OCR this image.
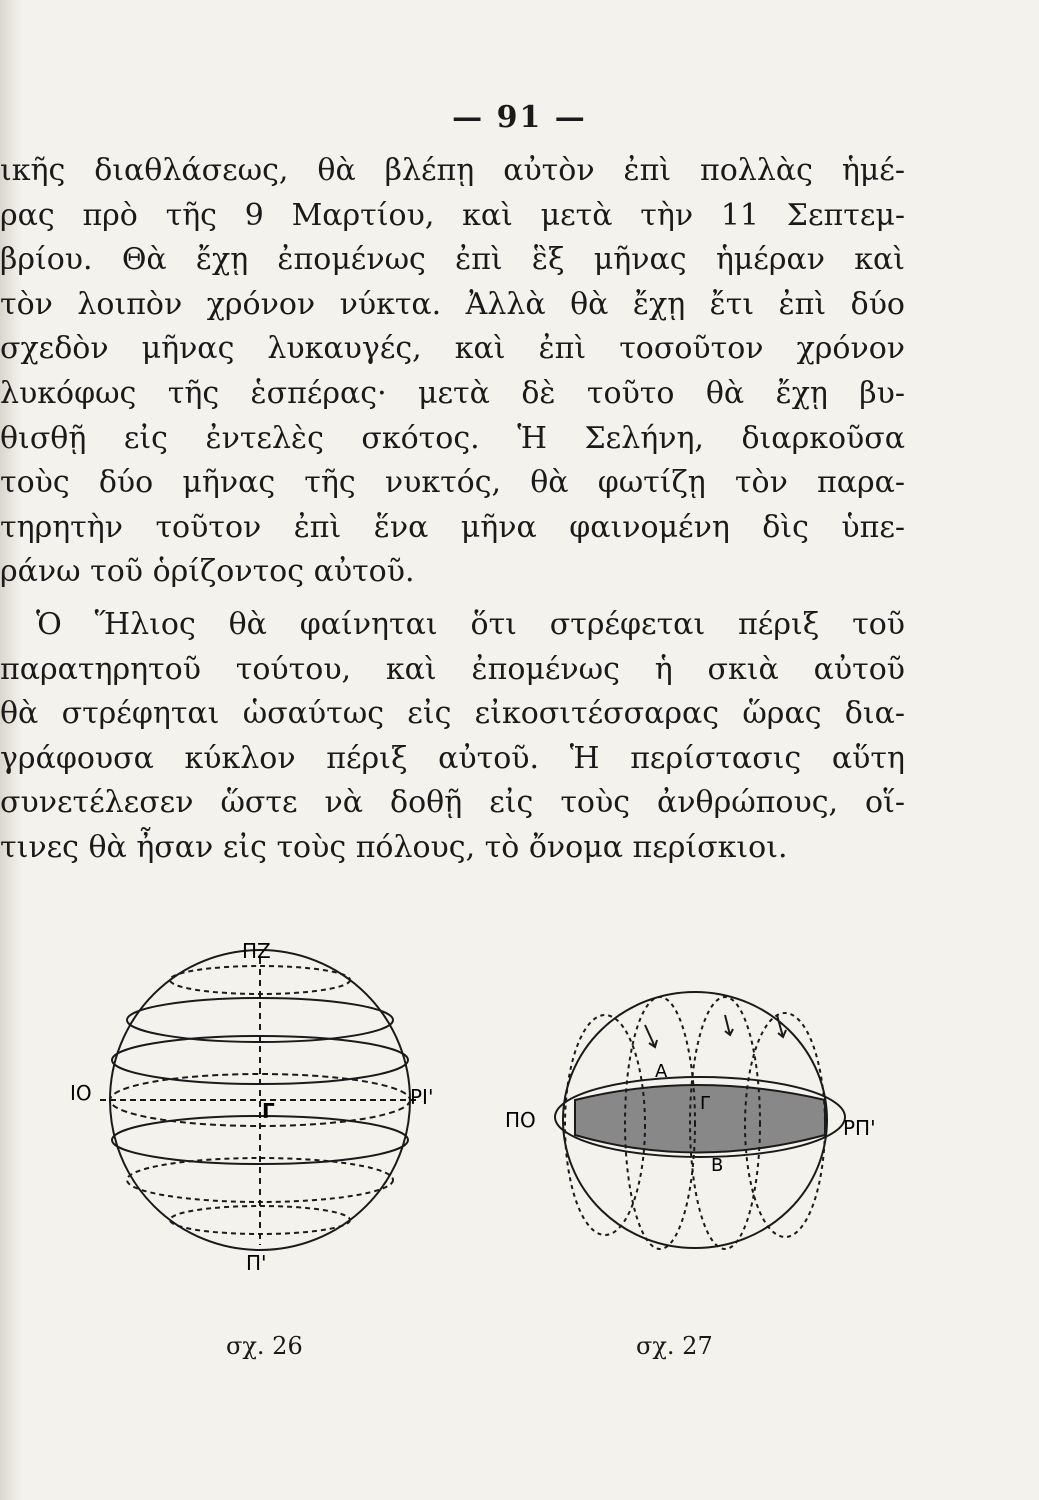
— 91 —
ικῆς διαθλάσεως, θὰ βλέπῃ αὐτὸν ἐπὶ πολλὰς ἡμέ-
ρας πρὸ τῆς 9 Μαρτίου, καὶ μετὰ τὴν 11 Σεπτεμ-
βρίου. Θὰ ἔχῃ ἐπομένως ἐπὶ ἓξ μῆνας ἡμέραν καὶ
τὸν λοιπὸν χρόνον νύκτα. Ἀλλὰ θὰ ἔχῃ ἔτι ἐπὶ δύο
σχεδὸν μῆνας λυκαυγές, καὶ ἐπὶ τοσοῦτον χρόνον
λυκόφως τῆς ἑσπέρας· μετὰ δὲ τοῦτο θὰ ἔχῃ βυ-
θισθῇ εἰς ἐντελὲς σκότος. Ἡ Σελήνη, διαρκοῦσα
τοὺς δύο μῆνας τῆς νυκτός, θὰ φωτίζῃ τὸν παρα-
τηρητὴν τοῦτον ἐπὶ ἕνα μῆνα φαινομένη δὶς ὑπε-
ράνω τοῦ ὁρίζοντος αὐτοῦ.
Ὁ Ἥλιος θὰ φαίνηται ὅτι στρέφεται πέριξ τοῦ
παρατηρητοῦ τούτου, καὶ ἐπομένως ἡ σκιὰ αὐτοῦ
θὰ στρέφηται ὡσαύτως εἰς εἰκοσιτέσσαρας ὥρας δια-
γράφουσα κύκλον πέριξ αὐτοῦ. Ἡ περίστασις αὕτη
συνετέλεσεν ὥστε νὰ δοθῇ εἰς τοὺς ἀνθρώπους, οἵ-
τινες θὰ ἦσαν εἰς τοὺς πόλους, τὸ ὄνομα περίσκιοι.
ΠΖ
ΙΟ	ΡΙ'
Γ
Π'
ΠΟ	ΡΠ'
Α
Γ
Β
σχ. 26	σχ. 27
